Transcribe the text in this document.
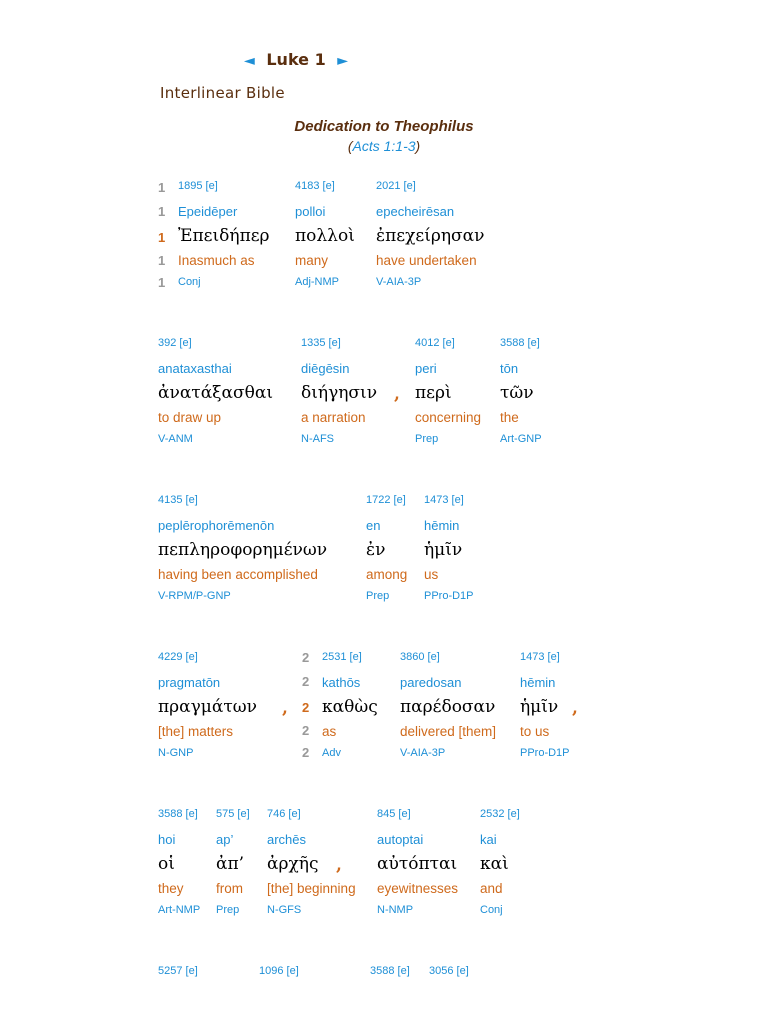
◄ Luke 1 ►
Interlinear Bible
Dedication to Theophilus
(Acts 1:1-3)
1
1
1
1
1
2
2
2
2
2
1895 [e]
Epeidēper
Ἐπειδήπερ
Inasmuch as
Conj
4183 [e]
polloi
πολλοὶ
many
Adj-NMP
2021 [e]
epecheirēsan
ἐπεχείρησαν
have undertaken
V-AIA-3P
392 [e]
anataxasthai
ἀνατάξασθαι
to draw up
V-ANM
1335 [e]
diēgēsin
διήγησιν
a narration
N-AFS
,
4012 [e]
peri
περὶ
concerning
Prep
3588 [e]
tōn
τῶν
the
Art-GNP
4135 [e]
peplērophorēmenōn
πεπληροφορημένων
having been accomplished
V-RPM/P-GNP
1722 [e]
en
ἐν
among
Prep
1473 [e]
hēmin
ἡμῖν
us
PPro-D1P
4229 [e]
pragmatōn
πραγμάτων
[the] matters
N-GNP
,
2531 [e]
kathōs
καθὼς
as
Adv
3860 [e]
paredosan
παρέδοσαν
delivered [them]
V-AIA-3P
1473 [e]
hēmin
ἡμῖν
to us
PPro-D1P
,
3588 [e]
hoi
οἱ
they
Art-NMP
575 [e]
ap’
ἀπ’
from
Prep
746 [e]
archēs
ἀρχῆς
[the] beginning
N-GFS
,
845 [e]
autoptai
αὐτόπται
eyewitnesses
N-NMP
2532 [e]
kai
καὶ
and
Conj
5257 [e]	1096 [e]	3588 [e] 3056 [e]
